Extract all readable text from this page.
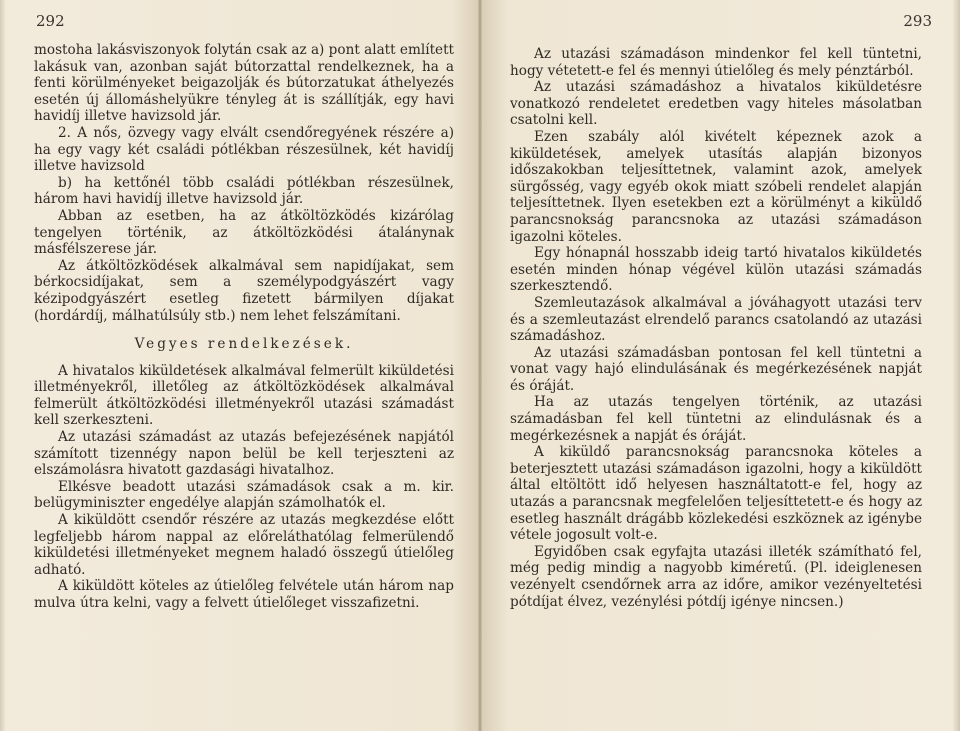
292

mostoha lakásviszonyok folytán csak az a) pont alatt említett lakásuk van, azonban saját bútorzattal rendelkeznek, ha a fenti körülményeket beigazolják és bútorzatukat áthelyezés esetén új állomáshelyükre tényleg át is szállítják, egy havi havidíj illetve havizsold jár.

2. A nős, özvegy vagy elvált csendőregyének részére a) ha egy vagy két családi pótlékban részesülnek, két havidíj illetve havizsold

b) ha kettőnél több családi pótlékban részesülnek, három havi havidíj illetve havizsold jár.

Abban az esetben, ha az átköltözködés kizárólag tengelyen történik, az átköltözködési átalánynak másfélszerese jár.

Az átköltözködések alkalmával sem napidíjakat, sem bérkocsidíjakat, sem a személypodgyászért vagy kézipodgyászért esetleg fizetett bármilyen díjakat (hordárdíj, málhatúlsúly stb.) nem lehet felszámítani.

Vegyes rendelkezések.

A hivatalos kiküldetések alkalmával felmerült kiküldetési illetményekről, illetőleg az átköltözködések alkalmával felmerült átköltözködési illetményekről utazási számadást kell szerkeszteni.

Az utazási számadást az utazás befejezésének napjától számított tizennégy napon belül be kell terjeszteni az elszámolásra hivatott gazdasági hivatalhoz.

Elkésve beadott utazási számadások csak a m. kir. belügyminiszter engedélye alapján számolhatók el.

A kiküldött csendőr részére az utazás megkezdése előtt legfeljebb három nappal az előreláthatólag felmerülendő kiküldetési illetményeket megnem haladó összegű útielőleg adható.

A kiküldött köteles az útielőleg felvétele után három nap mulva útra kelni, vagy a felvett útielőleget visszafizetni.

293

Az utazási számadáson mindenkor fel kell tüntetni, hogy vétetett-e fel és mennyi útielőleg és mely pénztárból.

Az utazási számadáshoz a hivatalos kiküldetésre vonatkozó rendeletet eredetben vagy hiteles másolatban csatolni kell.

Ezen szabály alól kivételt képeznek azok a kiküldetések, amelyek utasítás alapján bizonyos időszakokban teljesíttetnek, valamint azok, amelyek sürgősség, vagy egyéb okok miatt szóbeli rendelet alapján teljesíttetnek. Ilyen esetekben ezt a körülményt a kiküldő parancsnokság parancsnoka az utazási számadáson igazolni köteles.

Egy hónapnál hosszabb ideig tartó hivatalos kiküldetés esetén minden hónap végével külön utazási számadás szerkesztendő.

Szemleutazások alkalmával a jóváhagyott utazási terv és a szemleutazást elrendelő parancs csatolandó az utazási számadáshoz.

Az utazási számadásban pontosan fel kell tüntetni a vonat vagy hajó elindulásának és megérkezésének napját és óráját.

Ha az utazás tengelyen történik, az utazási számadásban fel kell tüntetni az elindulásnak és a megérkezésnek a napját és óráját.

A kiküldő parancsnokság parancsnoka köteles a beterjesztett utazási számadáson igazolni, hogy a kiküldött által eltöltött idő helyesen használtatott-e fel, hogy az utazás a parancsnak megfelelően teljesíttetett-e és hogy az esetleg használt drágább közlekedési eszköznek az igénybe vétele jogosult volt-e.

Egyidőben csak egyfajta utazási illeték számítható fel, még pedig mindig a nagyobb kiméretű. (Pl. ideiglenesen vezényelt csendőrnek arra az időre, amikor vezényeltetési pótdíjat élvez, vezénylési pótdíj igénye nincsen.)
